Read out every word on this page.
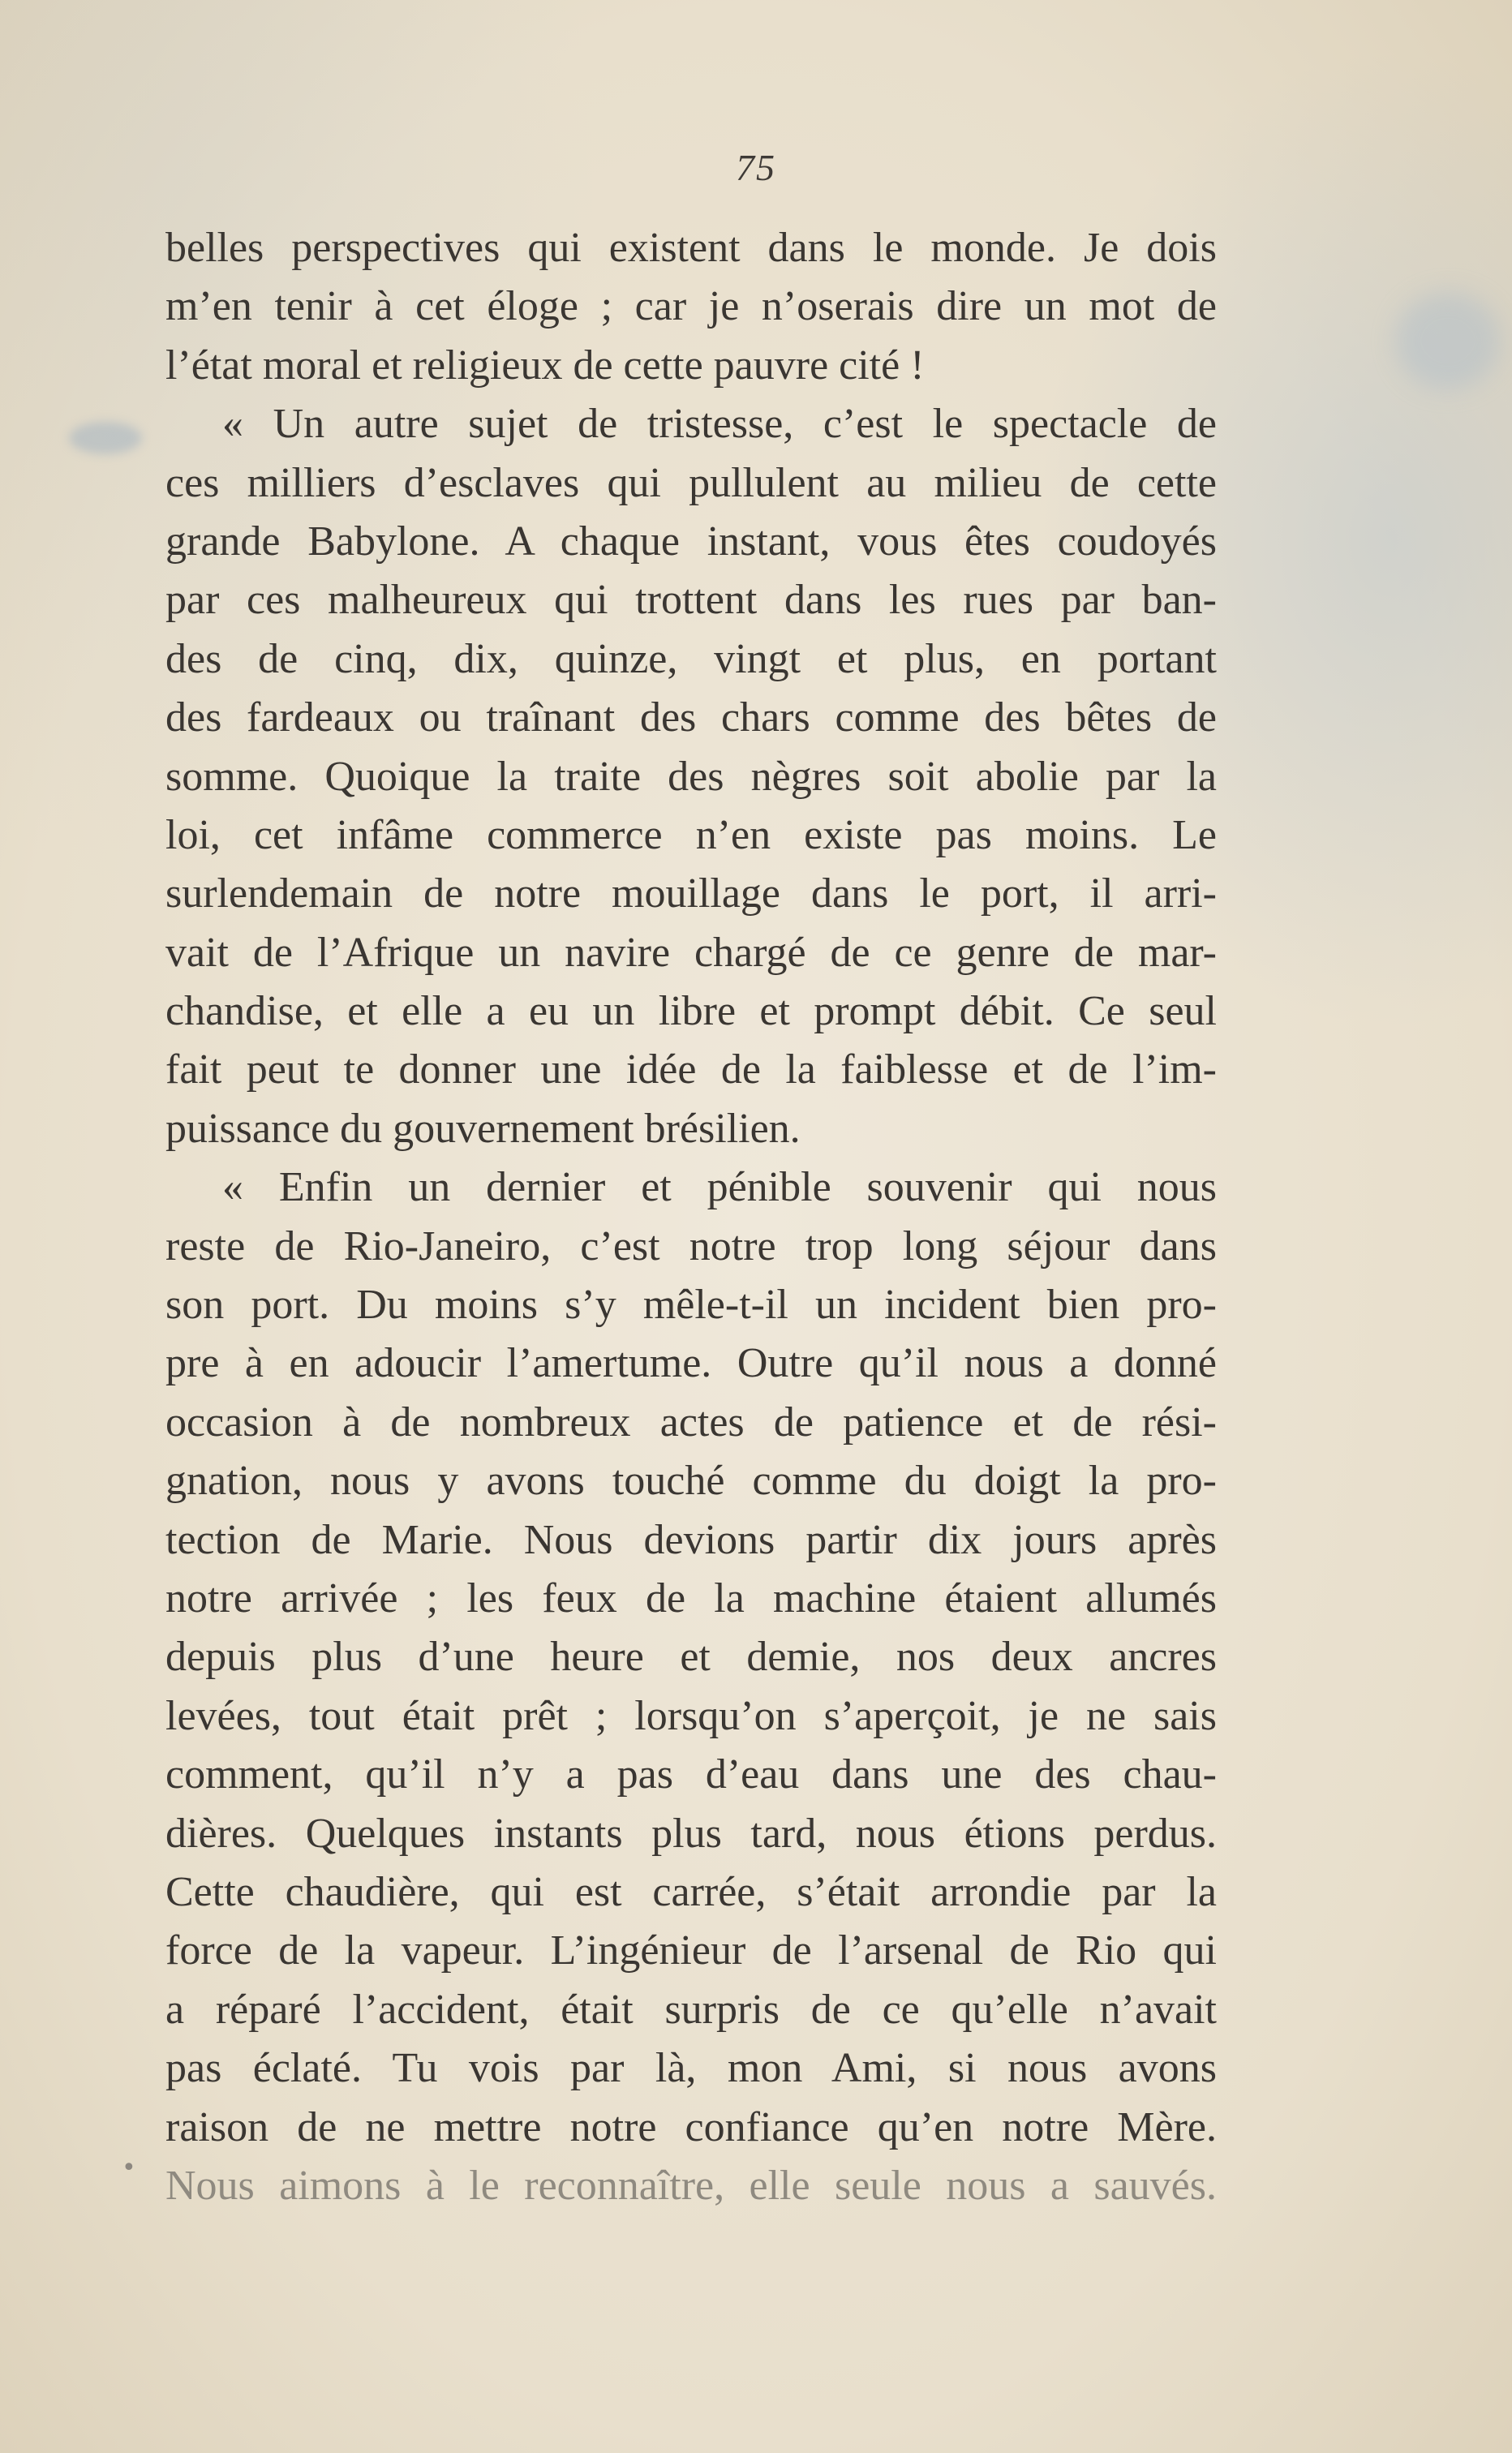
75
belles perspectives qui existent dans le monde. Je dois
m’en tenir à cet éloge ; car je n’oserais dire un mot de
l’état moral et religieux de cette pauvre cité !
« Un autre sujet de tristesse, c’est le spectacle de
ces milliers d’esclaves qui pullulent au milieu de cette
grande Babylone. A chaque instant, vous êtes coudoyés
par ces malheureux qui trottent dans les rues par ban-
des de cinq, dix, quinze, vingt et plus, en portant
des fardeaux ou traînant des chars comme des bêtes de
somme. Quoique la traite des nègres soit abolie par la
loi, cet infâme commerce n’en existe pas moins. Le
surlendemain de notre mouillage dans le port, il arri-
vait de l’Afrique un navire chargé de ce genre de mar-
chandise, et elle a eu un libre et prompt débit. Ce seul
fait peut te donner une idée de la faiblesse et de l’im-
puissance du gouvernement brésilien.
« Enfin un dernier et pénible souvenir qui nous
reste de Rio-Janeiro, c’est notre trop long séjour dans
son port. Du moins s’y mêle-t-il un incident bien pro-
pre à en adoucir l’amertume. Outre qu’il nous a donné
occasion à de nombreux actes de patience et de rési-
gnation, nous y avons touché comme du doigt la pro-
tection de Marie. Nous devions partir dix jours après
notre arrivée ; les feux de la machine étaient allumés
depuis plus d’une heure et demie, nos deux ancres
levées, tout était prêt ; lorsqu’on s’aperçoit, je ne sais
comment, qu’il n’y a pas d’eau dans une des chau-
dières. Quelques instants plus tard, nous étions perdus.
Cette chaudière, qui est carrée, s’était arrondie par la
force de la vapeur. L’ingénieur de l’arsenal de Rio qui
a réparé l’accident, était surpris de ce qu’elle n’avait
pas éclaté. Tu vois par là, mon Ami, si nous avons
raison de ne mettre notre confiance qu’en notre Mère.
Nous aimons à le reconnaître, elle seule nous a sauvés.
•
